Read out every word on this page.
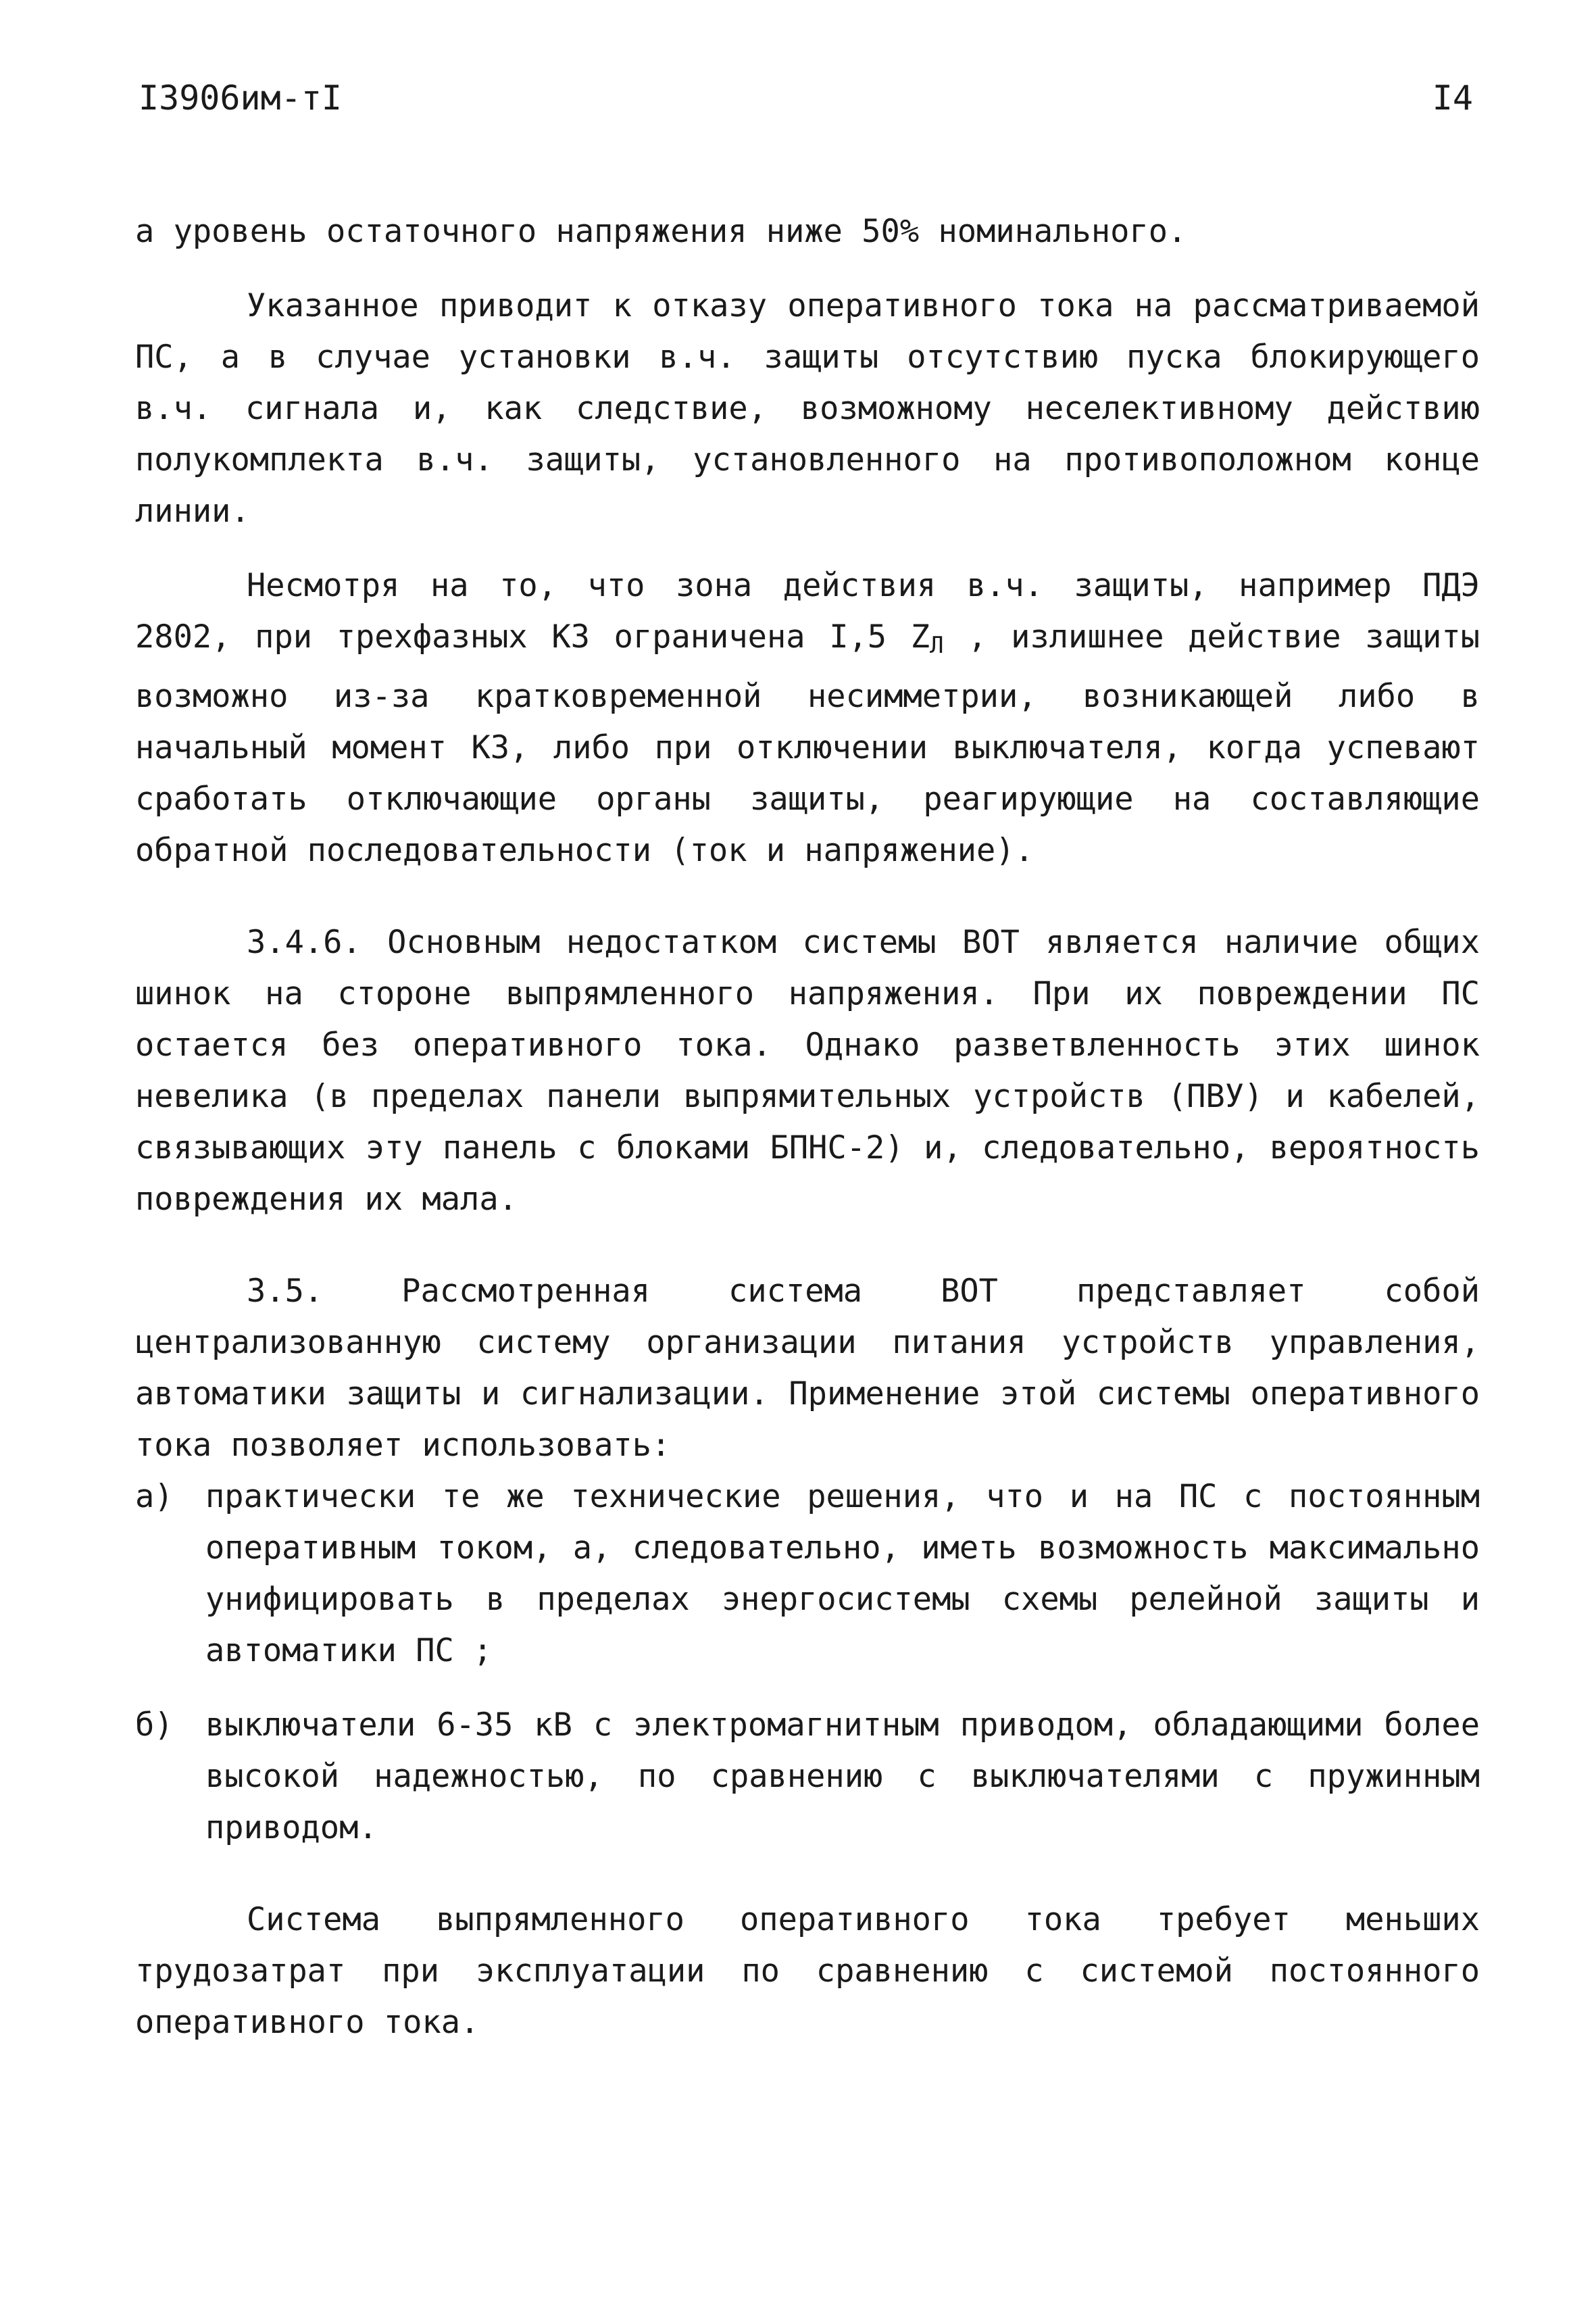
I3906им-тI	I4

а уровень остаточного напряжения ниже 50% номинального.

Указанное приводит к отказу оперативного тока на рассматриваемой ПС, а в случае установки в.ч. защиты отсутствию пуска блокирующего в.ч. сигнала и, как следствие, возможному неселективному действию полукомплекта в.ч. защиты, установленного на противоположном конце линии.

Несмотря на то, что зона действия в.ч. защиты, например ПДЭ 2802, при трехфазных КЗ ограничена I,5 ZЛ , излишнее действие защиты возможно из-за кратковременной несимметрии, возникающей либо в начальный момент КЗ, либо при отключении выключателя, когда успевают сработать отключающие органы защиты, реагирующие на составляющие обратной последовательности (ток и напряжение).

3.4.6. Основным недостатком системы ВОТ является наличие общих шинок на стороне выпрямленного напряжения. При их повреждении ПС остается без оперативного тока. Однако разветвленность этих шинок невелика (в пределах панели выпрямительных устройств (ПВУ) и кабелей, связывающих эту панель с блоками БПНС-2) и, следовательно, вероятность повреждения их мала.

3.5. Рассмотренная система ВОТ представляет собой централизованную систему организации питания устройств управления, автоматики защиты и сигнализации. Применение этой системы оперативного тока позволяет использовать:

а)	практически те же технические решения, что и на ПС с постоянным оперативным током, а, следовательно, иметь возможность максимально унифицировать в пределах энергосистемы схемы релейной защиты и автоматики ПС ;
б)	выключатели 6-35 кВ с электромагнитным приводом, обладающими более высокой надежностью, по сравнению с выключателями с пружинным приводом.

Система выпрямленного оперативного тока требует меньших трудозатрат при эксплуатации по сравнению с системой постоянного оперативного тока.
